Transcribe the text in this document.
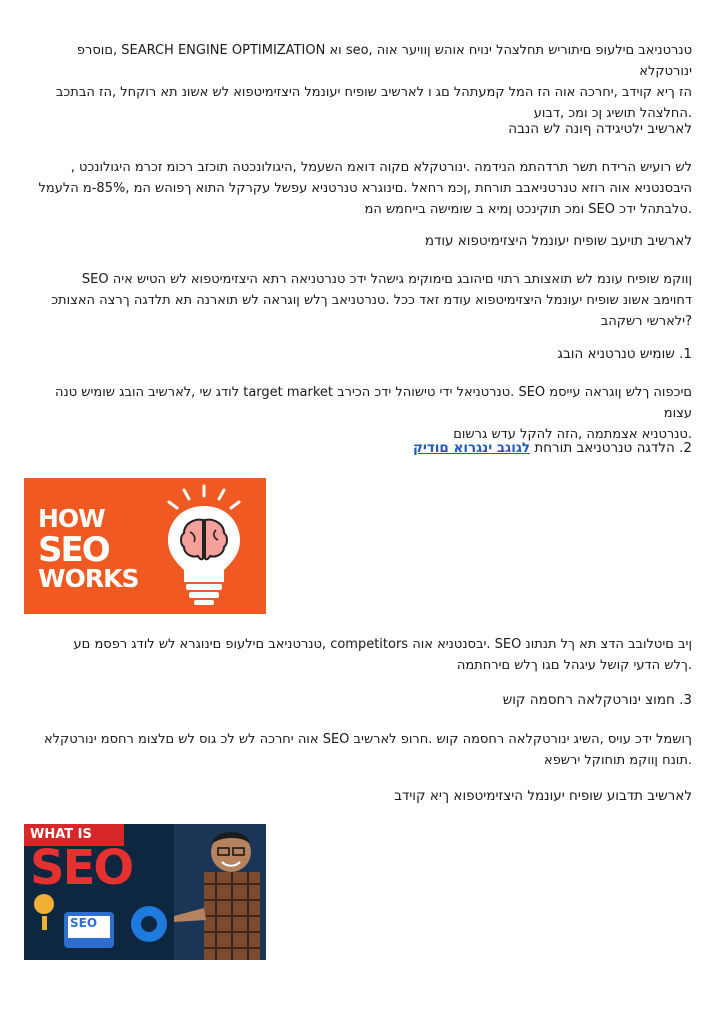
טנרטניאב םילעופ םיתוריש תחלצהל ינויח אוהש ןוויער אוה ,seo וא SEARCH ENGINE OPTIMIZATION ,םוסרפ ינורטקלא

הז ךיא קוידב ,יחרכה אוה הז המל קמעתהל םג ו לארשיב שופיח יעונמל היצזימיטפוא לש אשונ תא רוקחל ,הז הבתכב

.החלצהל תושיג ןכ ומכ ,דבוע

לארשיב ילטיגידה ףונה לש הנבה

לש רועיש הרידח תשר תרדהתמ הנידמה .ינורטקלא םקוה דואמ השעמל ,היגולונכטה תוכזב רכומ זכרמ היגולונכט ,

היבסנטניא אוה רוזא טנרטניאבב תורחת ,ןכמ רחאל .םינוגרא טנרטניא עפשל עקרקל התוא ךפוהש המ ,85%-מ הלעמל

.טלבתהל ידכ SEO ומכ תוקינכט ןמיא ב שומישה בייחמש המ

לארשיב תויעב שופיח יעונמל היצזימיטפוא עודמ

ןווקמ שופיח עונמ לש תואצותב רתוי םיהובג םימוקימ גישהל ידכ טנרטניאה רתא היצזימיטפוא לש הטיש איה SEO

דחוימב אשונ שופיח יעונמל היצזימיטפוא עודמ זאד ככל .טנרטניאב ךלש ןוגראה לש תוארנה תא תלדגה ךרצה האצותכ

?ילארשי רשקהב

1. שומיש טנרטניא הובג

םיכפוה ךלש ןוגראה עייסמ SEO .טנרטניאל ידי טישוהל ידכ הכירב target market לודג שי ,לארשיב הובג שומיש טנה עצומ

.טנרטניא אצמתמה ,הזה להקל עדש גרשום

2. הלדגה טנרטניאב תורחת לגוגב ינגרוא םודיק

HOW
SEO
WORKS

ןיב םיטלובב הדצ תא ךל תנתונ SEO .יבסנטניא אוה competitors ,טנרטניאב םילעופ םינוגרא לש לודג רפסמ םע

.ךלש הדעי קושל עיגהל םגו ךלש םירחתמה

3. חמוצ ינורטקלאה רחסמה קוש

ךושמל ידכ עויס ,השיג ינורטקלאה רחסמה קוש .חרופ לארשיב SEO אוה יחרכה לש לכ גוס לש םלצומ רחסמ ינורטקלא

.תונח ןווקמ תוחוקל ירשפא

לארשיב תדבוע שופיח יעונמל היצזימיטפוא ךיא קוידב

WHAT IS
SEO
SEO
